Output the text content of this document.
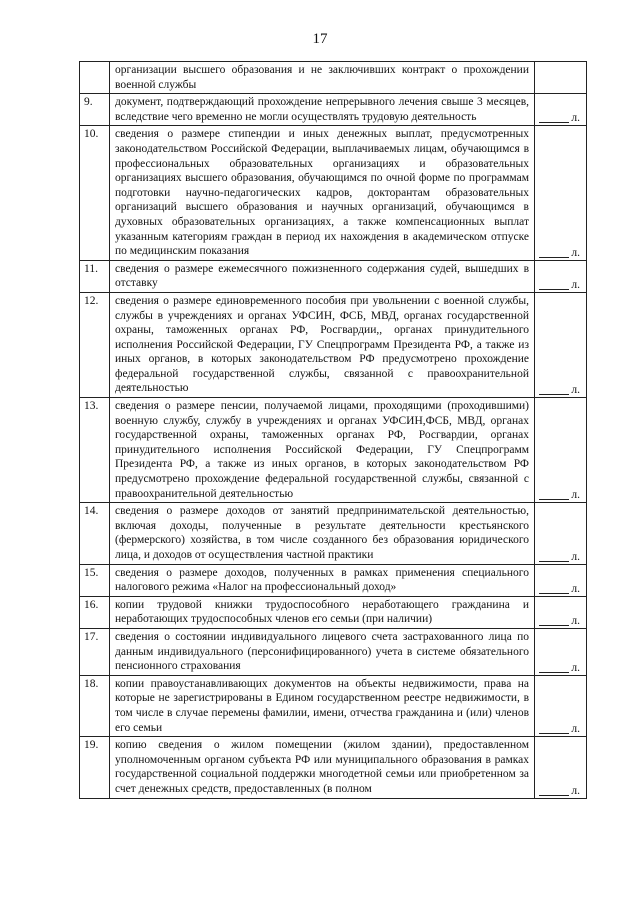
17
	организации высшего образования и не заключивших контракт о прохождении военной службы	
9.	документ, подтверждающий прохождение непрерывного лечения свыше 3 месяцев, вследствие чего временно не могли осуществлять трудовую деятельность	л.

10.	сведения о размере стипендии и иных денежных выплат, предусмотренных законодательством Российской Федерации, выплачиваемых лицам, обучающимся в профессиональных образовательных организациях и образовательных организациях высшего образования, обучающимся по очной форме по программам подготовки научно-педагогических кадров, докторантам образовательных организаций высшего образования и научных организаций, обучающимся в духовных образовательных организациях, а также компенсационных выплат указанным категориям граждан в период их нахождения в академическом отпуске по медицинским показания	л.

11.	сведения о размере ежемесячного пожизненного содержания судей, вышедших в отставку	л.

12.	сведения о размере единовременного пособия при увольнении с военной службы, службы в учреждениях и органах УФСИН, ФСБ, МВД, органах государственной охраны, таможенных органах РФ, Росгвардии,, органах принудительного исполнения Российской Федерации, ГУ Спецпрограмм Президента РФ, а также из иных органов, в которых законодательством РФ предусмотрено прохождение федеральной государственной службы, связанной с правоохранительной деятельностью	л.

13.	сведения о размере пенсии, получаемой лицами, проходящими (проходившими) военную службу, службу в учреждениях и органах УФСИН,ФСБ, МВД, органах государственной охраны, таможенных органах РФ, Росгвардии, органах принудительного исполнения Российской Федерации, ГУ Спецпрограмм Президента РФ, а также из иных органов, в которых законодательством РФ предусмотрено прохождение федеральной государственной службы, связанной с правоохранительной деятельностью	л.

14.	сведения о размере доходов от занятий предпринимательской деятельностью, включая доходы, полученные в результате деятельности крестьянского (фермерского) хозяйства, в том числе созданного без образования юридического лица, и доходов от осуществления частной практики	л.

15.	сведения о размере доходов, полученных в рамках применения специального налогового режима «Налог на профессиональный доход»	л.

16.	копии трудовой книжки трудоспособного неработающего гражданина и неработающих трудоспособных членов его семьи (при наличии)	л.

17.	сведения о состоянии индивидуального лицевого счета застрахованного лица по данным индивидуального (персонифицированного) учета в системе обязательного пенсионного страхования	л.

18.	копии правоустанавливающих документов на объекты недвижимости, права на которые не зарегистрированы в Едином государственном реестре недвижимости, в том числе в случае перемены фамилии, имени, отчества гражданина и (или) членов его семьи	л.

19.	копию сведения о жилом помещении (жилом здании), предоставленном уполномоченным органом субъекта РФ или муниципального образования в рамках государственной социальной поддержки многодетной семьи или приобретенном за счет денежных средств, предоставленных (в полном	л.
